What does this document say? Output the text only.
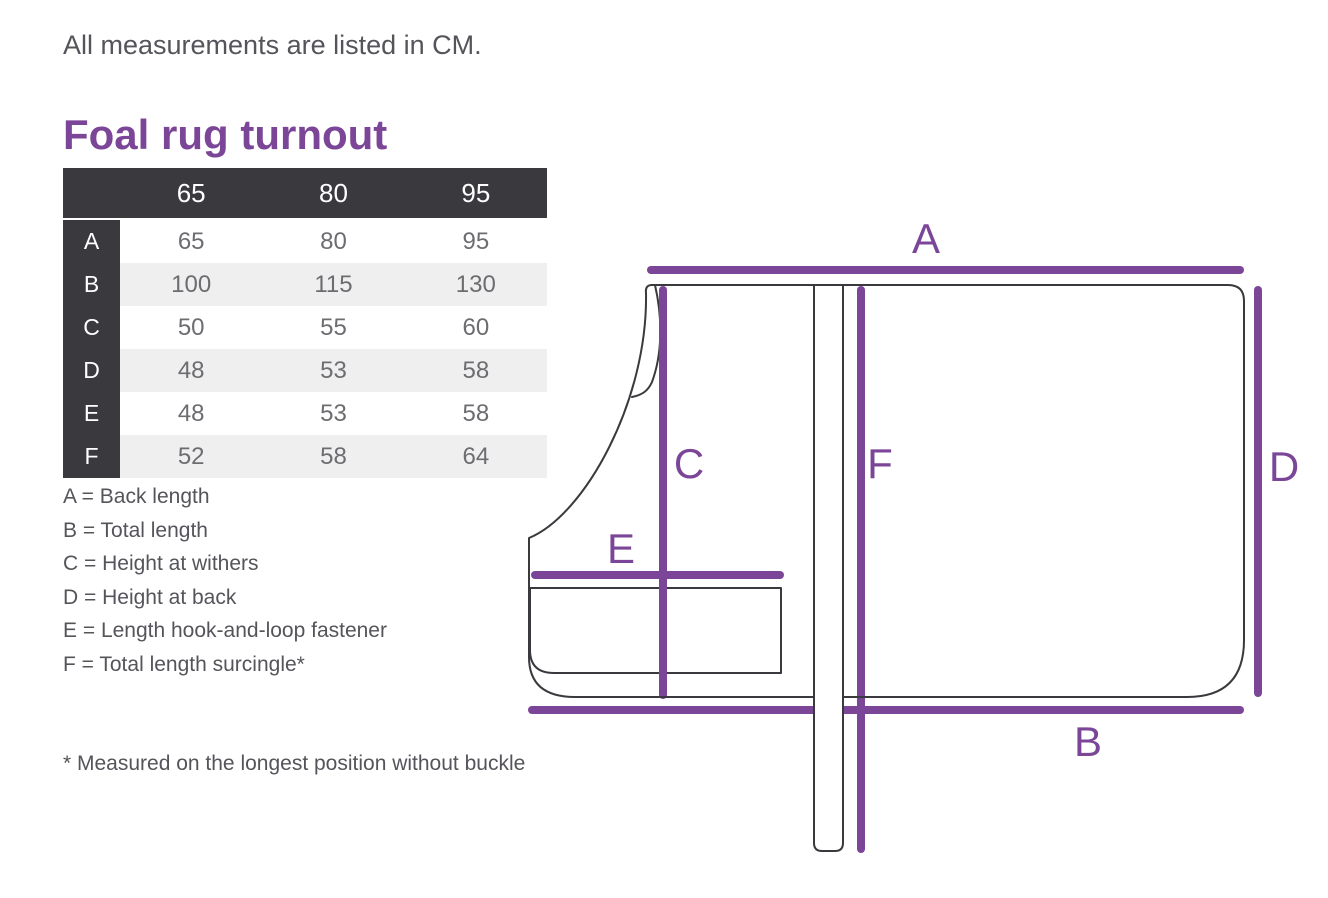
All measurements are listed in CM.
Foal rug turnout
65	80	95
A	65	80	95
B	100	115	130
C	50	55	60
D	48	53	58
E	48	53	58
F	52	58	64
A = Back length
B = Total length
C = Height at withers
D = Height at back
E = Length hook-and-loop fastener
F = Total length surcingle*
* Measured on the longest position without buckle
A
B
C	D
E
F
